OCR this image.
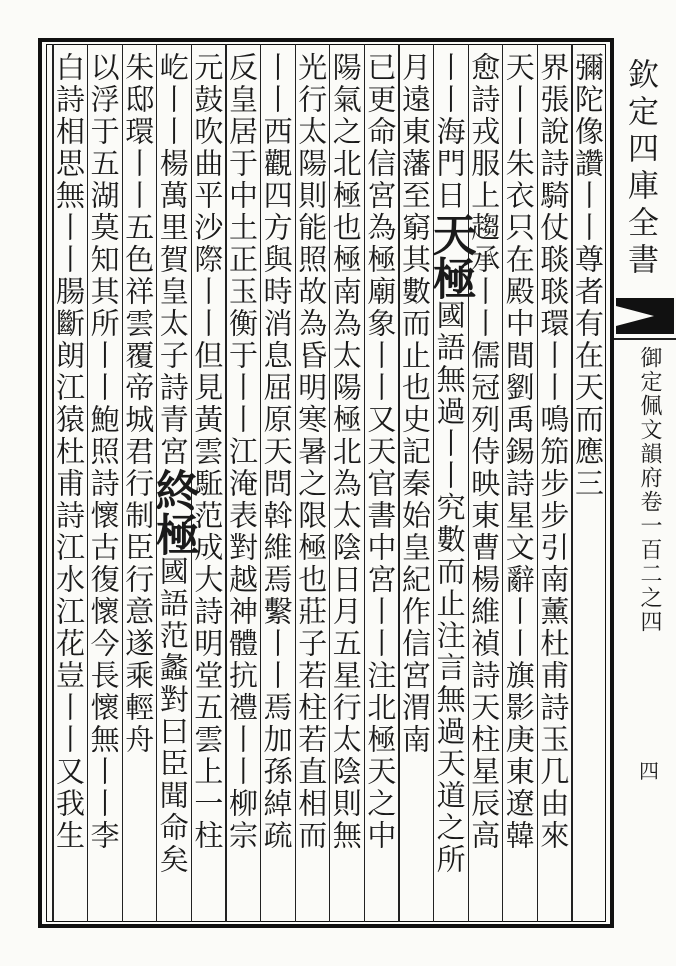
欽定四庫全書
御定佩文韻府卷一百二之四
四
彌陀像讚丨丨尊者有在天而應三
界張說詩騎仗𦖠𦖠環丨丨鳴笳步步引南薰杜甫詩玉几由來
天丨丨朱衣只在殿中間劉禹錫詩星文辭丨丨旗影庚東遼韓
愈詩戎服上趨承丨丨儒冠列侍映東曹楊維禎詩天柱星辰高
丨丨海門日天極國語無過丨丨究數而止注言無過天道之所
月遠東藩至窮其數而止也史記秦始皇紀作信宮渭南
已更命信宮為極廟象丨丨又天官書中宮丨丨注北極天之中
陽氣之北極也極南為太陽極北為太陰日月五星行太陰則無
光行太陽則能照故為昏明寒暑之限極也莊子若柱若直相而
丨丨西觀四方與時消息屈原天問斡維焉繫丨丨焉加孫綽疏
反皇居于中土正玉衡于丨丨江淹表對越神體抗禮丨丨柳宗
元鼓吹曲平沙際丨丨但見黃雲駈范成大詩明堂五雲上一柱
屹丨丨楊萬里賀皇太子詩青宮終極國語范蠡對曰臣聞命矣
朱邸環丨丨五色祥雲覆帝城君行制臣行意遂乘輕舟
以浮于五湖莫知其所丨丨鮑照詩懷古復懷今長懷無丨丨李
白詩相思無丨丨腸斷朗江猿杜甫詩江水江花豈丨丨又我生
